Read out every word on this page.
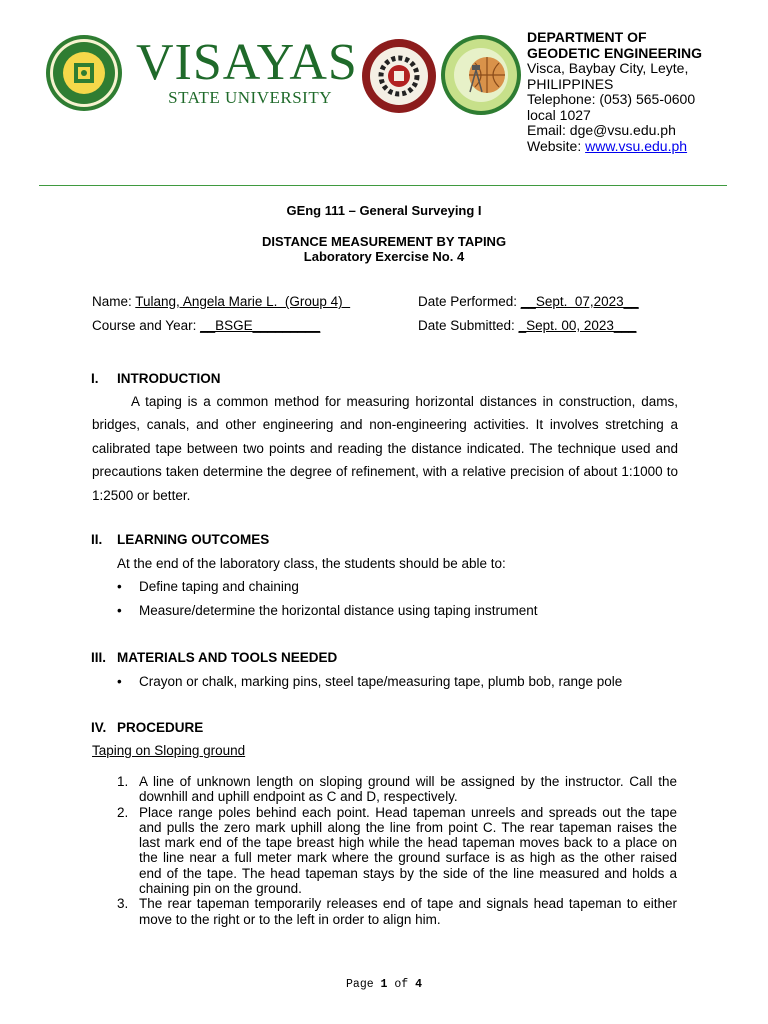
VISAYAS
STATE UNIVERSITY
DEPARTMENT OF
GEODETIC ENGINEERING
Visca, Baybay City, Leyte,
PHILIPPINES
Telephone: (053) 565-0600
local 1027
Email: dge@vsu.edu.ph
Website: www.vsu.edu.ph
GEng 111 – General Surveying I
DISTANCE MEASUREMENT BY TAPING
Laboratory Exercise No. 4
Name: Tulang, Angela Marie L.  (Group 4)
Course and Year: __BSGE_________
Date Performed: __Sept.  07,2023__
Date Submitted: _Sept. 00, 2023___
I. INTRODUCTION
A taping is a common method for measuring horizontal distances in construction, dams, bridges, canals, and other engineering and non-engineering activities. It involves stretching a calibrated tape between two points and reading the distance indicated. The technique used and precautions taken determine the degree of refinement, with a relative precision of about 1:1000 to 1:2500 or better.
II. LEARNING OUTCOMES
At the end of the laboratory class, the students should be able to:
• Define taping and chaining
• Measure/determine the horizontal distance using taping instrument
III. MATERIALS AND TOOLS NEEDED
• Crayon or chalk, marking pins, steel tape/measuring tape, plumb bob, range pole
IV. PROCEDURE
Taping on Sloping ground
1. A line of unknown length on sloping ground will be assigned by the instructor. Call the downhill and uphill endpoint as C and D, respectively.
2. Place range poles behind each point. Head tapeman unreels and spreads out the tape and pulls the zero mark uphill along the line from point C. The rear tapeman raises the last mark end of the tape breast high while the head tapeman moves back to a place on the line near a full meter mark where the ground surface is as high as the other raised end of the tape. The head tapeman stays by the side of the line measured and holds a chaining pin on the ground.
3. The rear tapeman temporarily releases end of tape and signals head tapeman to either move to the right or to the left in order to align him.
Page 1 of 4
